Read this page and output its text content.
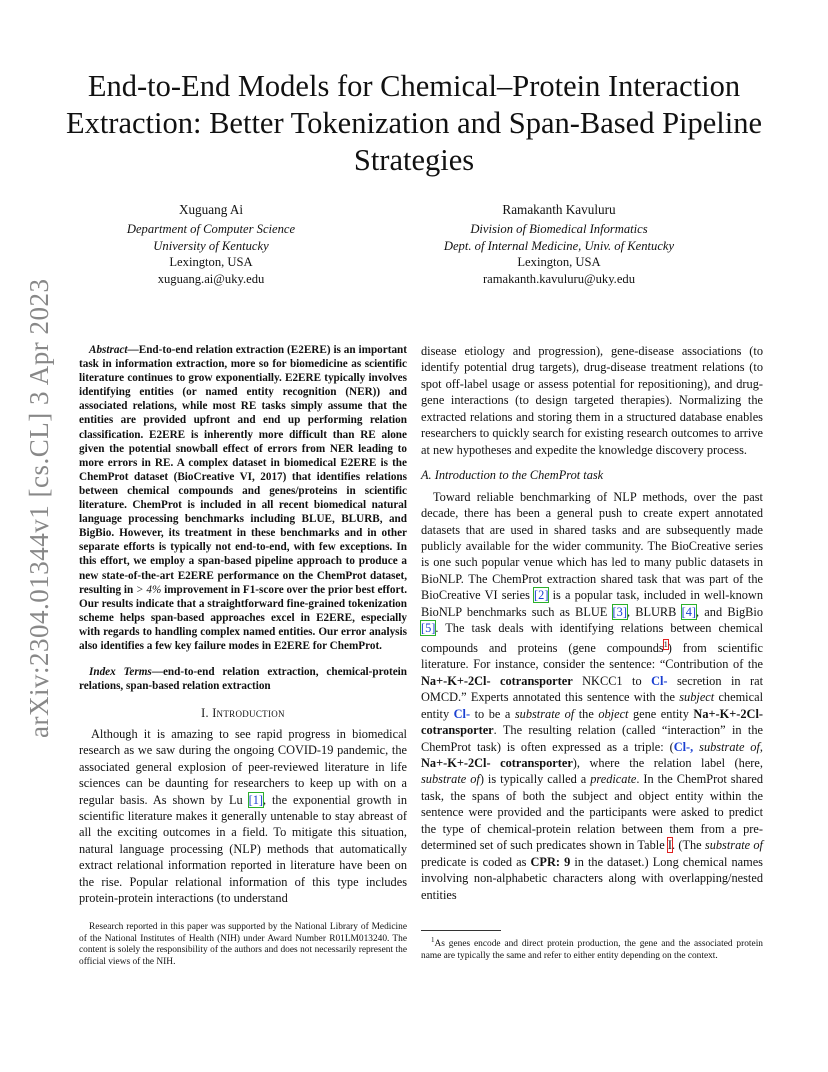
End-to-End Models for Chemical–Protein Interaction Extraction: Better Tokenization and Span-Based Pipeline Strategies
Xuguang Ai
Department of Computer Science
University of Kentucky
Lexington, USA
xuguang.ai@uky.edu
Ramakanth Kavuluru
Division of Biomedical Informatics
Dept. of Internal Medicine, Univ. of Kentucky
Lexington, USA
ramakanth.kavuluru@uky.edu
arXiv:2304.01344v1 [cs.CL] 3 Apr 2023	Abstract—End-to-end relation extraction (E2ERE) is an important task in information extraction, more so for biomedicine as scientific literature continues to grow exponentially. E2ERE typically involves identifying entities (or named entity recognition (NER)) and associated relations, while most RE tasks simply assume that the entities are provided upfront and end up performing relation classification. E2ERE is inherently more difficult than RE alone given the potential snowball effect of errors from NER leading to more errors in RE. A complex dataset in biomedical E2ERE is the ChemProt dataset (BioCreative VI, 2017) that identifies relations between chemical compounds and genes/proteins in scientific literature. ChemProt is included in all recent biomedical natural language processing benchmarks including BLUE, BLURB, and BigBio. However, its treatment in these benchmarks and in other separate efforts is typically not end-to-end, with few exceptions. In this effort, we employ a span-based pipeline approach to produce a new state-of-the-art E2ERE performance on the ChemProt dataset, resulting in > 4% improvement in F1-score over the prior best effort. Our results indicate that a straightforward fine-grained tokenization scheme helps span-based approaches excel in E2ERE, especially with regards to handling complex named entities. Our error analysis also identifies a few key failure modes in E2ERE for ChemProt.

Index Terms—end-to-end relation extraction, chemical-protein relations, span-based relation extraction

I. Introduction

Although it is amazing to see rapid progress in biomedical research as we saw during the ongoing COVID-19 pandemic, the associated general explosion of peer-reviewed literature in life sciences can be daunting for researchers to keep up with on a regular basis. As shown by Lu [1], the exponential growth in scientific literature makes it generally untenable to stay abreast of all the exciting outcomes in a field. To mitigate this situation, natural language processing (NLP) methods that automatically extract relational information reported in literature have been on the rise. Popular relational information of this type includes protein-protein interactions (to understand

disease etiology and progression), gene-disease associations (to identify potential drug targets), drug-disease treatment relations (to spot off-label usage or assess potential for repositioning), and drug-gene interactions (to design targeted therapies). Normalizing the extracted relations and storing them in a structured database enables researchers to quickly search for existing research outcomes to arrive at new hypotheses and expedite the knowledge discovery process.

A. Introduction to the ChemProt task

Toward reliable benchmarking of NLP methods, over the past decade, there has been a general push to create expert annotated datasets that are used in shared tasks and are subsequently made publicly available for the wider community. The BioCreative series is one such popular venue which has led to many public datasets in BioNLP. The ChemProt extraction shared task that was part of the BioCreative VI series [2] is a popular task, included in well-known BioNLP benchmarks such as BLUE [3], BLURB [4], and BigBio [5]. The task deals with identifying relations between chemical compounds and proteins (gene compounds$^1$) from scientific literature. For instance, consider the sentence: “Contribution of the Na+-K+-2Cl- cotransporter NKCC1 to Cl- secretion in rat OMCD.” Experts annotated this sentence with the subject chemical entity Cl- to be a substrate of the object gene entity Na+-K+-2Cl- cotransporter. The resulting relation (called “interaction” in the ChemProt task) is often expressed as a triple: (Cl-, substrate of, Na+-K+-2Cl- cotransporter), where the relation label (here, substrate of) is typically called a predicate. In the ChemProt shared task, the spans of both the subject and object entity within the sentence were provided and the participants were asked to predict the type of chemical-protein relation between them from a pre-determined set of such predicates shown in Table I. (The substrate of predicate is coded as CPR: 9 in the dataset.) Long chemical names involving non-alphabetic characters along with overlapping/nested entities

Research reported in this paper was supported by the National Library of Medicine of the National Institutes of Health (NIH) under Award Number R01LM013240. The content is solely the responsibility of the authors and does not necessarily represent the official views of the NIH.
$^1$As genes encode and direct protein production, the gene and the associated protein name are typically the same and refer to either entity depending on the context.
